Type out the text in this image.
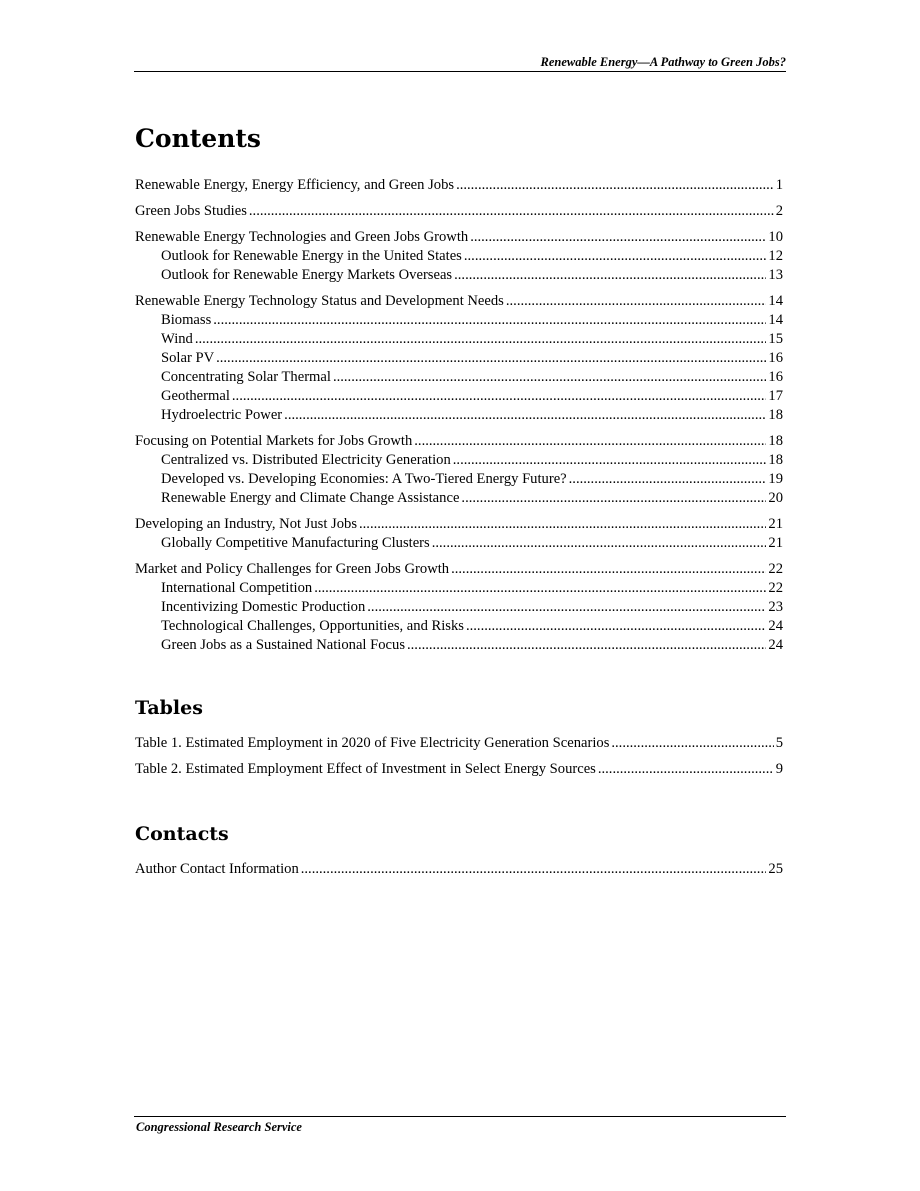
Renewable Energy—A Pathway to Green Jobs?
Contents
Renewable Energy, Energy Efficiency, and Green Jobs .....	1
Green Jobs Studies .....	2
Renewable Energy Technologies and Green Jobs Growth .....	10
Outlook for Renewable Energy in the United States .....	12
Outlook for Renewable Energy Markets Overseas .....	13
Renewable Energy Technology Status and Development Needs .....	14
Biomass .....	14
Wind .....	15
Solar PV .....	16
Concentrating Solar Thermal .....	16
Geothermal .....	17
Hydroelectric Power .....	18
Focusing on Potential Markets for Jobs Growth .....	18
Centralized vs. Distributed Electricity Generation .....	18
Developed vs. Developing Economies: A Two-Tiered Energy Future? .....	19
Renewable Energy and Climate Change Assistance .....	20
Developing an Industry, Not Just Jobs .....	21
Globally Competitive Manufacturing Clusters .....	21
Market and Policy Challenges for Green Jobs Growth .....	22
International Competition .....	22
Incentivizing Domestic Production .....	23
Technological Challenges, Opportunities, and Risks .....	24
Green Jobs as a Sustained National Focus .....	24
Tables
Table 1. Estimated Employment in 2020 of Five Electricity Generation Scenarios .....	5
Table 2. Estimated Employment Effect of Investment in Select Energy Sources .....	9
Contacts
Author Contact Information .....	25
Congressional Research Service
